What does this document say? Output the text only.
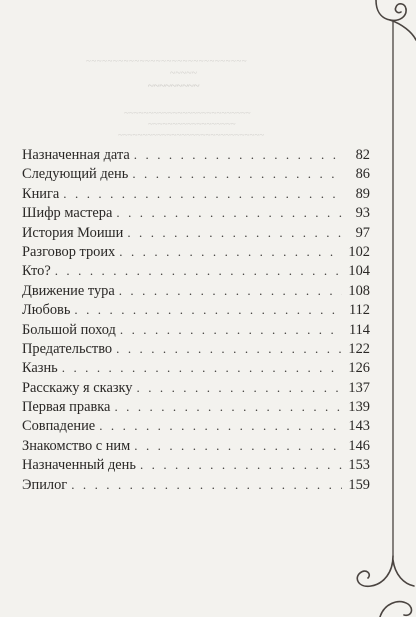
~~~~~~~~~~~~~~~~~~~~~~~~~~~~~~
~~~~~
~~~~~~~~~
~~~~~~~~~~~~~~~~~~~~~~~~~~
~~~~~~~~~~~~~~~~~~
~~~~~~~~~~~~~~~~~~~~~~~~~~~~~~
Назначенная дата . . .	82
Следующий день . . .	86
Книга . . .	89
Шифр мастера . . .	93
История Моиши . . .	97
Разговор троих . . .	102
Кто? . . .	104
Движение тура . . .	108
Любовь . . .	112
Большой поход . . .	114
Предательство . . .	122
Казнь . . .	126
Расскажу я сказку . . .	137
Первая правка . . .	139
Совпадение . . .	143
Знакомство с ним . . .	146
Назначенный день . . .	153
Эпилог . . .	159
